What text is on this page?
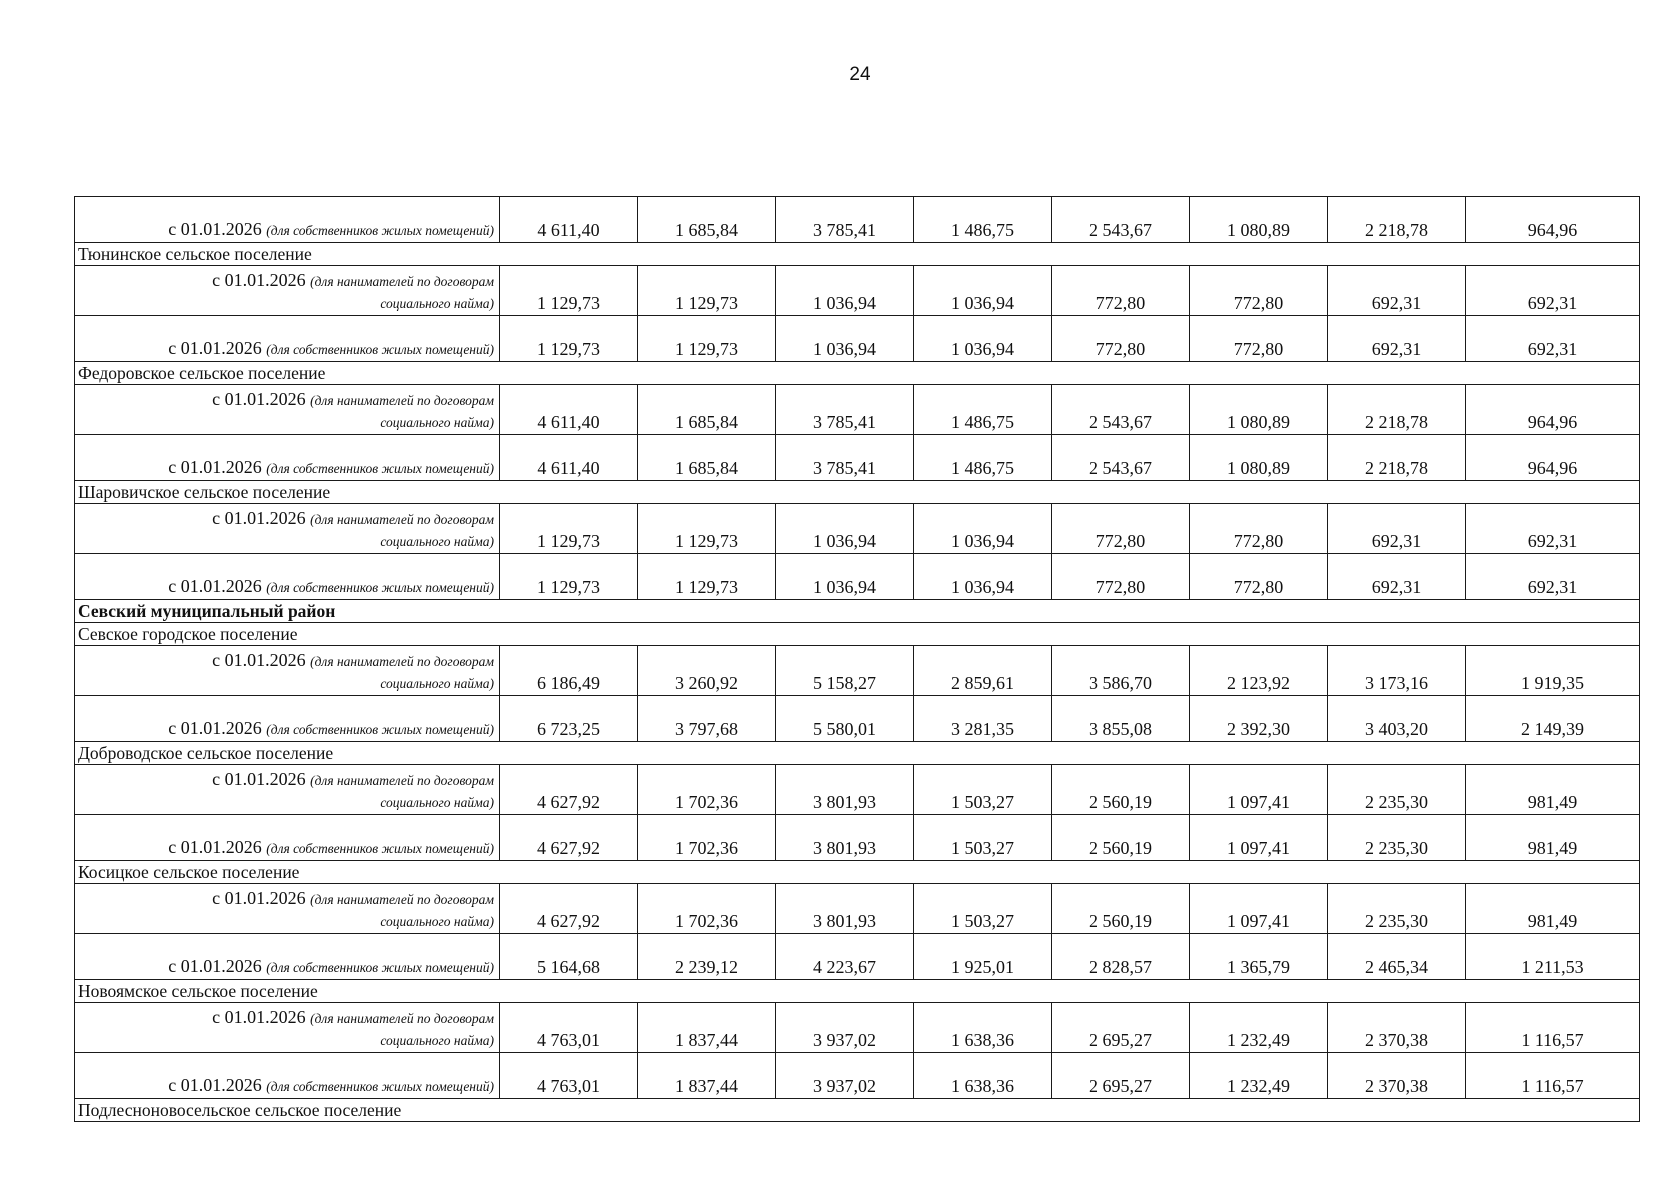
24
с 01.01.2026 (для собственников жилых помещений)	4 611,40	1 685,84	3 785,41	1 486,75	2 543,67	1 080,89	2 218,78	964,96
Тюнинское сельское поселение								
с 01.01.2026 (для нанимателей по договорам
социального найма)	1 129,73	1 129,73	1 036,94	1 036,94	772,80	772,80	692,31	692,31
с 01.01.2026 (для собственников жилых помещений)	1 129,73	1 129,73	1 036,94	1 036,94	772,80	772,80	692,31	692,31
Федоровское сельское поселение								
с 01.01.2026 (для нанимателей по договорам
социального найма)	4 611,40	1 685,84	3 785,41	1 486,75	2 543,67	1 080,89	2 218,78	964,96
с 01.01.2026 (для собственников жилых помещений)	4 611,40	1 685,84	3 785,41	1 486,75	2 543,67	1 080,89	2 218,78	964,96
Шаровичское сельское поселение								
с 01.01.2026 (для нанимателей по договорам
социального найма)	1 129,73	1 129,73	1 036,94	1 036,94	772,80	772,80	692,31	692,31
с 01.01.2026 (для собственников жилых помещений)	1 129,73	1 129,73	1 036,94	1 036,94	772,80	772,80	692,31	692,31
Севский муниципальный район								
Севское городское поселение								
с 01.01.2026 (для нанимателей по договорам
социального найма)	6 186,49	3 260,92	5 158,27	2 859,61	3 586,70	2 123,92	3 173,16	1 919,35
с 01.01.2026 (для собственников жилых помещений)	6 723,25	3 797,68	5 580,01	3 281,35	3 855,08	2 392,30	3 403,20	2 149,39
Доброводское сельское поселение								
с 01.01.2026 (для нанимателей по договорам
социального найма)	4 627,92	1 702,36	3 801,93	1 503,27	2 560,19	1 097,41	2 235,30	981,49
с 01.01.2026 (для собственников жилых помещений)	4 627,92	1 702,36	3 801,93	1 503,27	2 560,19	1 097,41	2 235,30	981,49
Косицкое сельское поселение								
с 01.01.2026 (для нанимателей по договорам
социального найма)	4 627,92	1 702,36	3 801,93	1 503,27	2 560,19	1 097,41	2 235,30	981,49
с 01.01.2026 (для собственников жилых помещений)	5 164,68	2 239,12	4 223,67	1 925,01	2 828,57	1 365,79	2 465,34	1 211,53
Новоямское сельское поселение								
с 01.01.2026 (для нанимателей по договорам
социального найма)	4 763,01	1 837,44	3 937,02	1 638,36	2 695,27	1 232,49	2 370,38	1 116,57
с 01.01.2026 (для собственников жилых помещений)	4 763,01	1 837,44	3 937,02	1 638,36	2 695,27	1 232,49	2 370,38	1 116,57
Подлесноновосельское сельское поселение								
